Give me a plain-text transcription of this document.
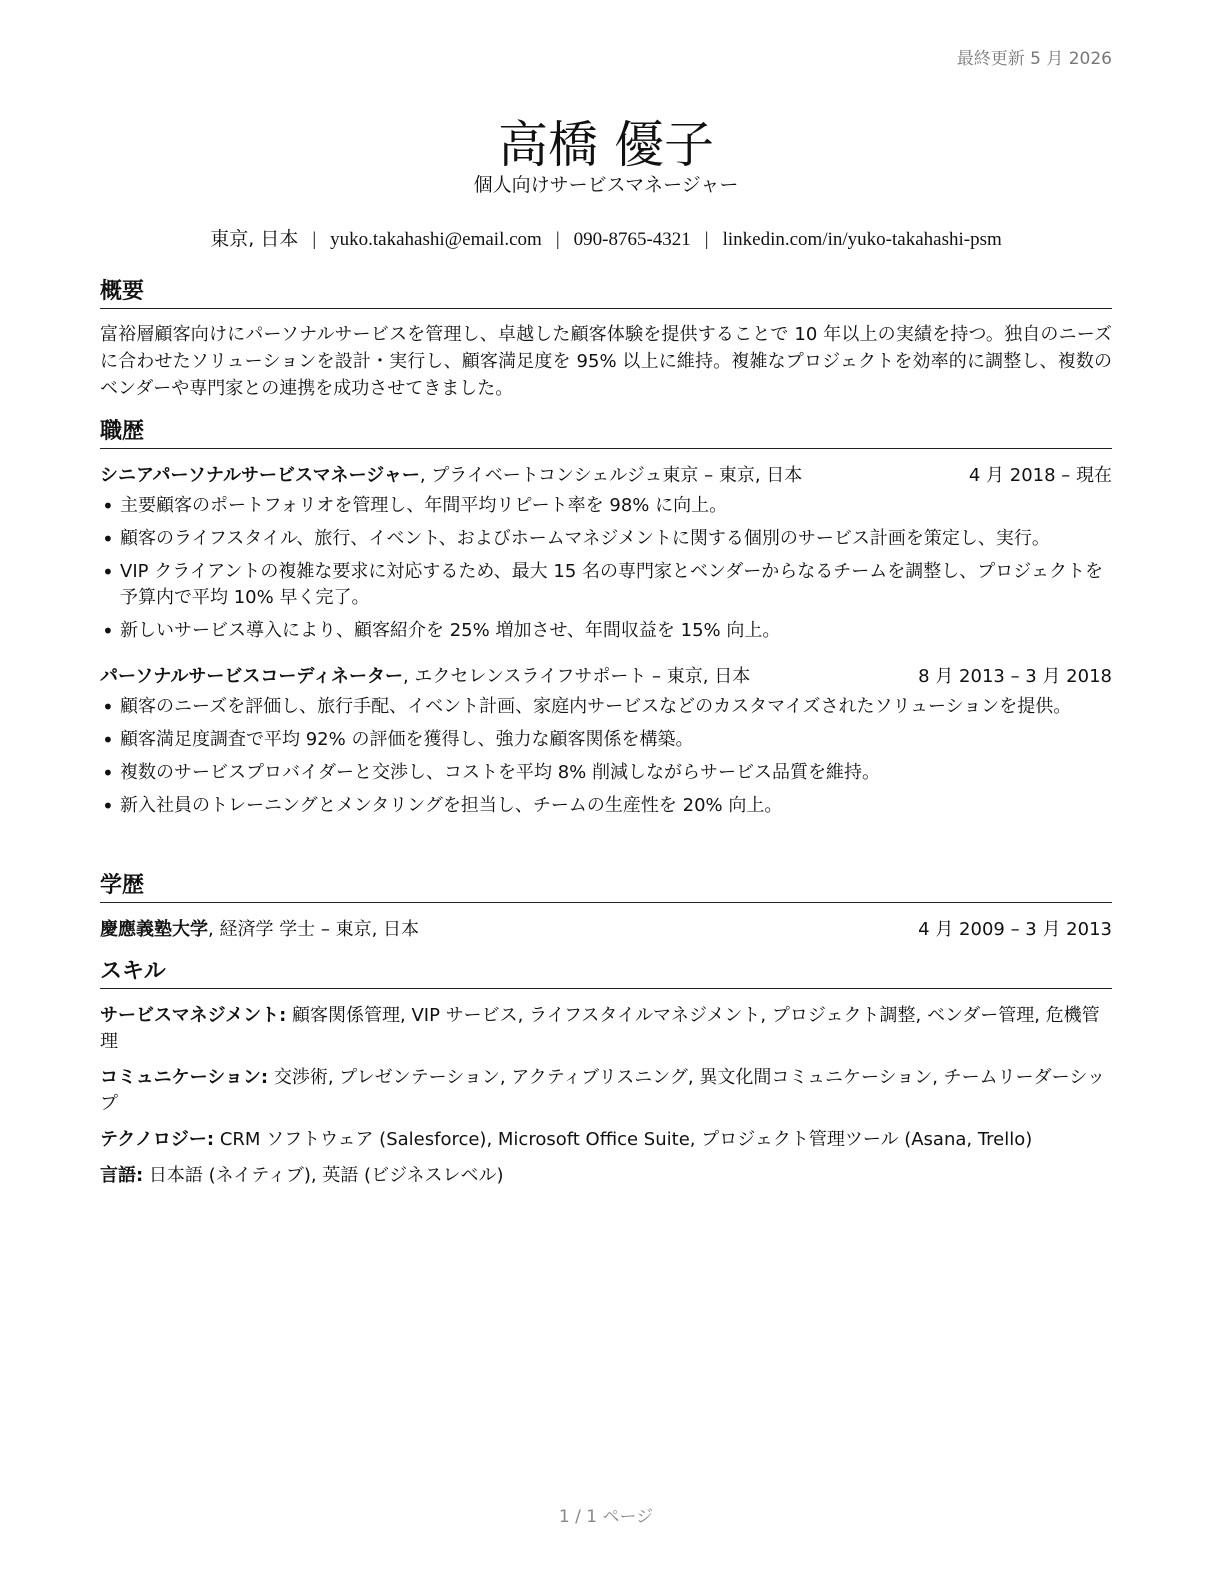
最終更新 5 月 2026
高橋 優子
個人向けサービスマネージャー
東京, 日本 | yuko.takahashi@email.com | 090-8765-4321 | linkedin.com/in/yuko-takahashi-psm
概要
富裕層顧客向けにパーソナルサービスを管理し、卓越した顧客体験を提供することで 10 年以上の実績を持つ。独自のニーズに合わせたソリューションを設計・実行し、顧客満足度を 95% 以上に維持。複雑なプロジェクトを効率的に調整し、複数のベンダーや専門家との連携を成功させてきました。
職歴
シニアパーソナルサービスマネージャー, プライベートコンシェルジュ東京 – 東京, 日本	4 月 2018 – 現在
• 主要顧客のポートフォリオを管理し、年間平均リピート率を 98% に向上。
• 顧客のライフスタイル、旅行、イベント、およびホームマネジメントに関する個別のサービス計画を策定し、実行。
• VIP クライアントの複雑な要求に対応するため、最大 15 名の専門家とベンダーからなるチームを調整し、プロジェクトを予算内で平均 10% 早く完了。
• 新しいサービス導入により、顧客紹介を 25% 増加させ、年間収益を 15% 向上。
パーソナルサービスコーディネーター, エクセレンスライフサポート – 東京, 日本	8 月 2013 – 3 月 2018
• 顧客のニーズを評価し、旅行手配、イベント計画、家庭内サービスなどのカスタマイズされたソリューションを提供。
• 顧客満足度調査で平均 92% の評価を獲得し、強力な顧客関係を構築。
• 複数のサービスプロバイダーと交渉し、コストを平均 8% 削減しながらサービス品質を維持。
• 新入社員のトレーニングとメンタリングを担当し、チームの生産性を 20% 向上。
学歴
慶應義塾大学, 経済学 学士 – 東京, 日本	4 月 2009 – 3 月 2013
スキル
サービスマネジメント: 顧客関係管理, VIP サービス, ライフスタイルマネジメント, プロジェクト調整, ベンダー管理, 危機管理
コミュニケーション: 交渉術, プレゼンテーション, アクティブリスニング, 異文化間コミュニケーション, チームリーダーシップ
テクノロジー: CRM ソフトウェア (Salesforce), Microsoft Office Suite, プロジェクト管理ツール (Asana, Trello)
言語: 日本語 (ネイティブ), 英語 (ビジネスレベル)
1 / 1 ページ
